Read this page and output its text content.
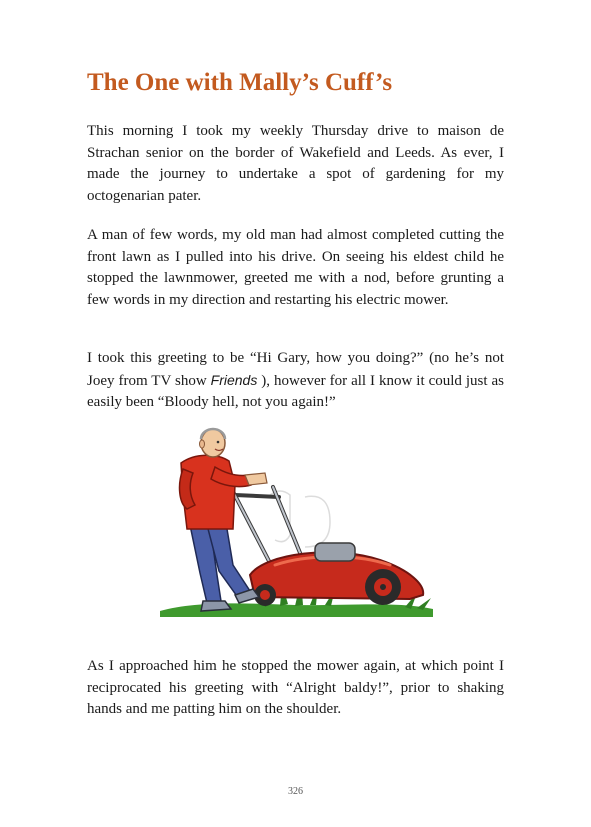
The One with Mally’s Cuff’s

This morning I took my weekly Thursday drive to maison de Strachan senior on the border of Wakefield and Leeds. As ever, I made the journey to undertake a spot of gardening for my octogenarian pater.

A man of few words, my old man had almost completed cutting the front lawn as I pulled into his drive. On seeing his eldest child he stopped the lawnmower, greeted me with a nod, before grunting a few words in my direction and restarting his electric mower.

I took this greeting to be “Hi Gary, how you doing?” (no he’s not Joey from TV show Friends ), however for all I know it could just as easily been “Bloody hell, not you again!”

As I approached him he stopped the mower again, at which point I reciprocated his greeting with “Alright baldy!”, prior to shaking hands and me patting him on the shoulder.

326
